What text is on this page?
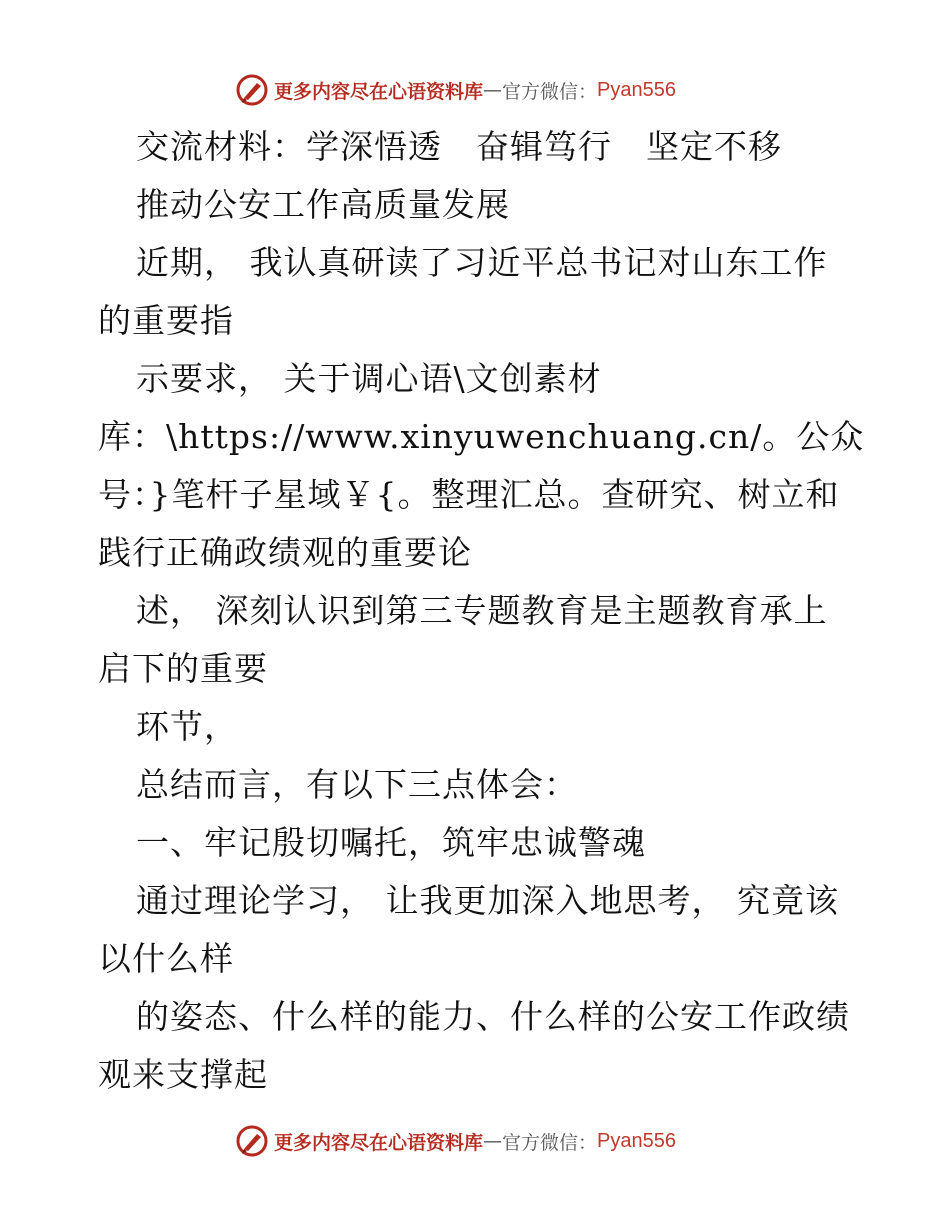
更多内容尽在心语资料库 — 官方微信： Pyan556
交流材料：学深悟透　奋辑笃行　坚定不移
推动公安工作高质量发展
近期， 我认真研读了习近平总书记对山东工作
的重要指
示要求， 关于调心语\文创素材
库：\https://www.xinyuwenchuang.cn/。公众
号：}笔杆子星域￥{。整理汇总。查研究、树立和
践行正确政绩观的重要论
述， 深刻认识到第三专题教育是主题教育承上
启下的重要
环节，
总结而言，有以下三点体会：
一、牢记殷切嘱托，筑牢忠诚警魂
通过理论学习， 让我更加深入地思考， 究竟该
以什么样
的姿态、什么样的能力、什么样的公安工作政绩
观来支撑起
更多内容尽在心语资料库 — 官方微信： Pyan556
